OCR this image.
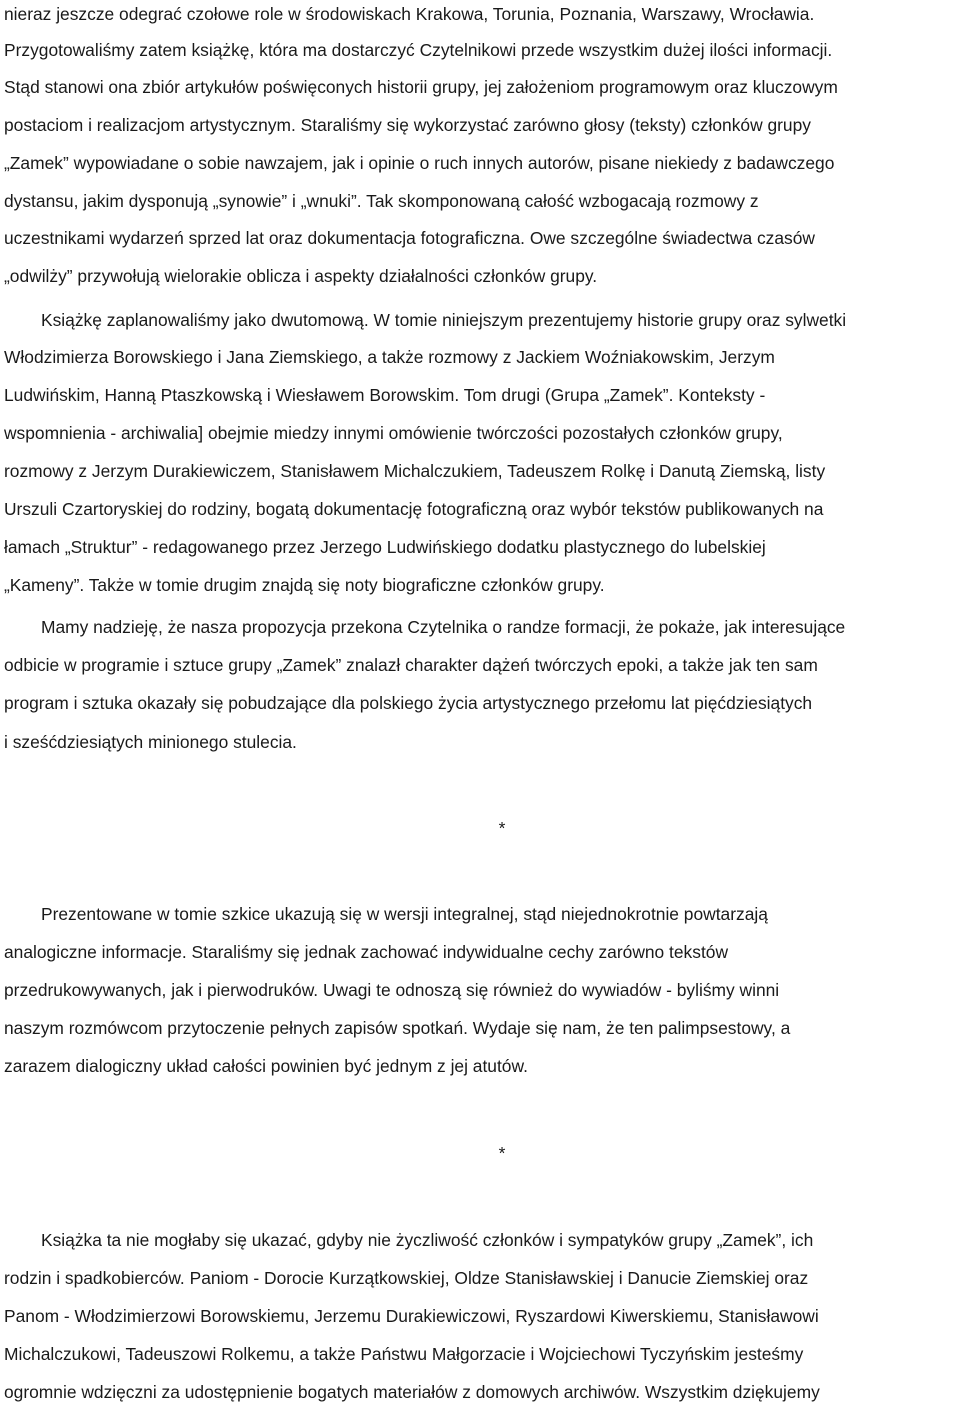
nieraz jeszcze odegrać czołowe role w środowiskach Krakowa, Torunia, Poznania, Warszawy, Wrocławia.
Przygotowaliśmy zatem książkę, która ma dostarczyć Czytelnikowi przede wszystkim dużej ilości informacji.
Stąd stanowi ona zbiór artykułów poświęconych historii grupy, jej założeniom programowym oraz kluczowym
postaciom i realizacjom artystycznym. Staraliśmy się wykorzystać zarówno głosy (teksty) członków grupy
„Zamek” wypowiadane o sobie nawzajem, jak i opinie o ruch innych autorów, pisane niekiedy z badawczego
dystansu, jakim dysponują „synowie” i „wnuki”. Tak skomponowaną całość wzbogacają rozmowy z
uczestnikami wydarzeń sprzed lat oraz dokumentacja fotograficzna. Owe szczególne świadectwa czasów
„odwilży” przywołują wielorakie oblicza i aspekty działalności członków grupy.
Książkę zaplanowaliśmy jako dwutomową. W tomie niniejszym prezentujemy historie grupy oraz sylwetki
Włodzimierza Borowskiego i Jana Ziemskiego, a także rozmowy z Jackiem Woźniakowskim, Jerzym
Ludwińskim, Hanną Ptaszkowską i Wiesławem Borowskim. Tom drugi (Grupa „Zamek”. Konteksty -
wspomnienia - archiwalia] obejmie miedzy innymi omówienie twórczości pozostałych członków grupy,
rozmowy z Jerzym Durakiewiczem, Stanisławem Michalczukiem, Tadeuszem Rolkę i Danutą Ziemską, listy
Urszuli Czartoryskiej do rodziny, bogatą dokumentację fotograficzną oraz wybór tekstów publikowanych na
łamach „Struktur” - redagowanego przez Jerzego Ludwińskiego dodatku plastycznego do lubelskiej
„Kameny”. Także w tomie drugim znajdą się noty biograficzne członków grupy.
Mamy nadzieję, że nasza propozycja przekona Czytelnika o randze formacji, że pokaże, jak interesujące
odbicie w programie i sztuce grupy „Zamek” znalazł charakter dążeń twórczych epoki, a także jak ten sam
program i sztuka okazały się pobudzające dla polskiego życia artystycznego przełomu lat pięćdziesiątych
i sześćdziesiątych minionego stulecia.
*
Prezentowane w tomie szkice ukazują się w wersji integralnej, stąd niejednokrotnie powtarzają
analogiczne informacje. Staraliśmy się jednak zachować indywidualne cechy zarówno tekstów
przedrukowywanych, jak i pierwodruków. Uwagi te odnoszą się również do wywiadów - byliśmy winni
naszym rozmówcom przytoczenie pełnych zapisów spotkań. Wydaje się nam, że ten palimpsestowy, a
zarazem dialogiczny układ całości powinien być jednym z jej atutów.
*
Książka ta nie mogłaby się ukazać, gdyby nie życzliwość członków i sympatyków grupy „Zamek”, ich
rodzin i spadkobierców. Paniom - Dorocie Kurzątkowskiej, Oldze Stanisławskiej i Danucie Ziemskiej oraz
Panom - Włodzimierzowi Borowskiemu, Jerzemu Durakiewiczowi, Ryszardowi Kiwerskiemu, Stanisławowi
Michalczukowi, Tadeuszowi Rolkemu, a także Państwu Małgorzacie i Wojciechowi Tyczyńskim jesteśmy
ogromnie wdzięczni za udostępnienie bogatych materiałów z domowych archiwów. Wszystkim dziękujemy
